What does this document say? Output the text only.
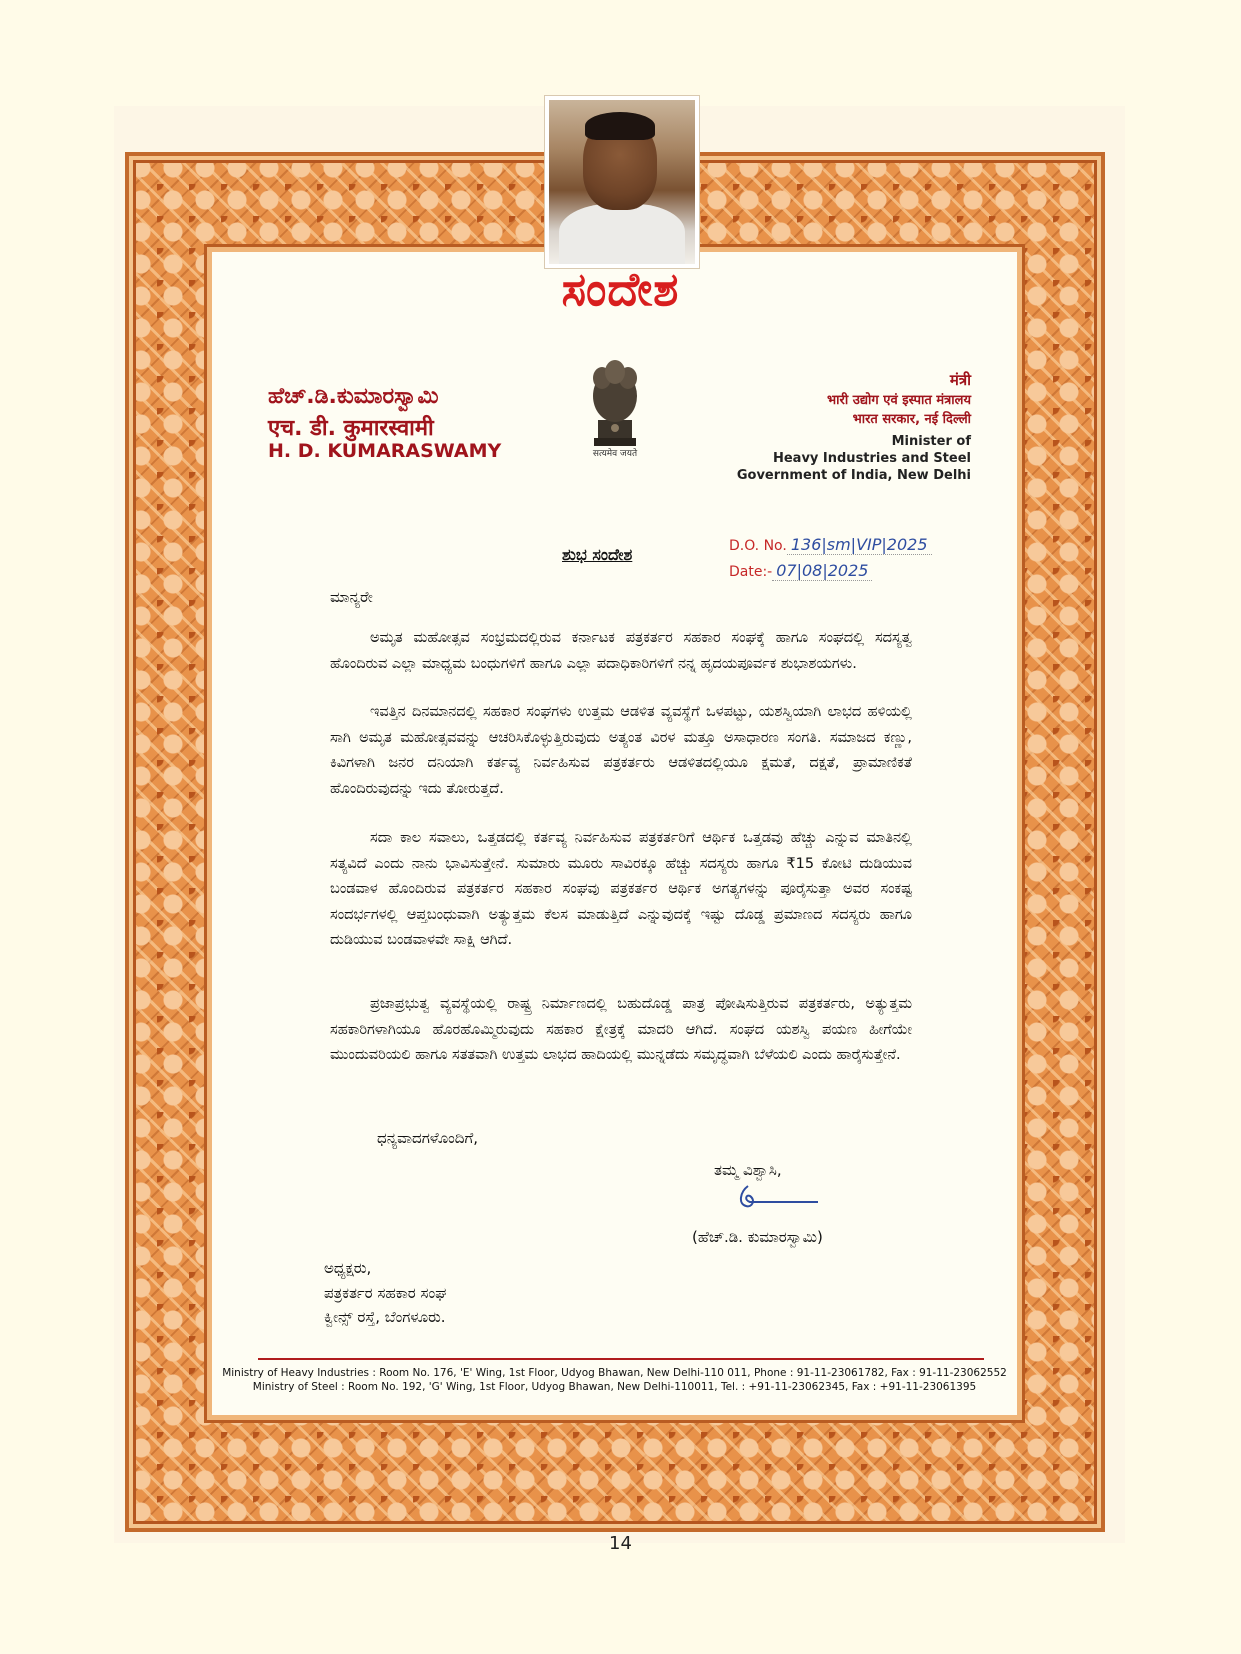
ಸಂದೇಶ
ಹೆಚ್.ಡಿ.ಕುಮಾರಸ್ವಾಮಿ
एच. डी. कुमारस्वामी
H. D. KUMARASWAMY	सत्यमेव जयते
मंत्री
भारी उद्योग एवं इस्पात मंत्रालय
भारत सरकार, नई दिल्ली
Minister of
Heavy Industries and Steel
Government of India, New Delhi
ಶುಭ ಸಂದೇಶ	D.O. No. 136|sm|VIP|2025
Date:- 07|08|2025
ಮಾನ್ಯರೇ

ಅಮೃತ ಮಹೋತ್ಸವ ಸಂಭ್ರಮದಲ್ಲಿರುವ ಕರ್ನಾಟಕ ಪತ್ರಕರ್ತರ ಸಹಕಾರ ಸಂಘಕ್ಕೆ ಹಾಗೂ ಸಂಘದಲ್ಲಿ ಸದಸ್ಯತ್ವ ಹೊಂದಿರುವ ಎಲ್ಲಾ ಮಾಧ್ಯಮ ಬಂಧುಗಳಿಗೆ ಹಾಗೂ ಎಲ್ಲಾ ಪದಾಧಿಕಾರಿಗಳಿಗೆ ನನ್ನ ಹೃದಯಪೂರ್ವಕ ಶುಭಾಶಯಗಳು.

ಇವತ್ತಿನ ದಿನಮಾನದಲ್ಲಿ ಸಹಕಾರ ಸಂಘಗಳು ಉತ್ತಮ ಆಡಳಿತ ವ್ಯವಸ್ಥೆಗೆ ಒಳಪಟ್ಟು, ಯಶಸ್ವಿಯಾಗಿ ಲಾಭದ ಹಳಿಯಲ್ಲಿ ಸಾಗಿ ಅಮೃತ ಮಹೋತ್ಸವವನ್ನು ಆಚರಿಸಿಕೊಳ್ಳುತ್ತಿರುವುದು ಅತ್ಯಂತ ವಿರಳ ಮತ್ತೂ ಅಸಾಧಾರಣ ಸಂಗತಿ. ಸಮಾಜದ ಕಣ್ಣು, ಕಿವಿಗಳಾಗಿ ಜನರ ದನಿಯಾಗಿ ಕರ್ತವ್ಯ ನಿರ್ವಹಿಸುವ ಪತ್ರಕರ್ತರು ಆಡಳಿತದಲ್ಲಿಯೂ ಕ್ಷಮತೆ, ದಕ್ಷತೆ, ಪ್ರಾಮಾಣಿಕತೆ ಹೊಂದಿರುವುದನ್ನು ಇದು ತೋರುತ್ತದೆ.

ಸದಾ ಕಾಲ ಸವಾಲು, ಒತ್ತಡದಲ್ಲಿ ಕರ್ತವ್ಯ ನಿರ್ವಹಿಸುವ ಪತ್ರಕರ್ತರಿಗೆ ಆರ್ಥಿಕ ಒತ್ತಡವು ಹೆಚ್ಚು ಎನ್ನುವ ಮಾತಿನಲ್ಲಿ ಸತ್ಯವಿದೆ ಎಂದು ನಾನು ಭಾವಿಸುತ್ತೇನೆ. ಸುಮಾರು ಮೂರು ಸಾವಿರಕ್ಕೂ ಹೆಚ್ಚು ಸದಸ್ಯರು ಹಾಗೂ ₹15 ಕೋಟಿ ದುಡಿಯುವ ಬಂಡವಾಳ ಹೊಂದಿರುವ ಪತ್ರಕರ್ತರ ಸಹಕಾರ ಸಂಘವು ಪತ್ರಕರ್ತರ ಆರ್ಥಿಕ ಅಗತ್ಯಗಳನ್ನು ಪೂರೈಸುತ್ತಾ ಅವರ ಸಂಕಷ್ಟ ಸಂದರ್ಭಗಳಲ್ಲಿ ಆಪ್ತಬಂಧುವಾಗಿ ಅತ್ಯುತ್ತಮ ಕೆಲಸ ಮಾಡುತ್ತಿದೆ ಎನ್ನುವುದಕ್ಕೆ ಇಷ್ಟು ದೊಡ್ಡ ಪ್ರಮಾಣದ ಸದಸ್ಯರು ಹಾಗೂ ದುಡಿಯುವ ಬಂಡವಾಳವೇ ಸಾಕ್ಷಿ ಆಗಿದೆ.

ಪ್ರಜಾಪ್ರಭುತ್ವ ವ್ಯವಸ್ಥೆಯಲ್ಲಿ ರಾಷ್ಟ್ರ ನಿರ್ಮಾಣದಲ್ಲಿ ಬಹುದೊಡ್ಡ ಪಾತ್ರ ಪೋಷಿಸುತ್ತಿರುವ ಪತ್ರಕರ್ತರು, ಅತ್ಯುತ್ತಮ ಸಹಕಾರಿಗಳಾಗಿಯೂ ಹೊರಹೊಮ್ಮಿರುವುದು ಸಹಕಾರ ಕ್ಷೇತ್ರಕ್ಕೆ ಮಾದರಿ ಆಗಿದೆ. ಸಂಘದ ಯಶಸ್ವಿ ಪಯಣ ಹೀಗೆಯೇ ಮುಂದುವರಿಯಲಿ ಹಾಗೂ ಸತತವಾಗಿ ಉತ್ತಮ ಲಾಭದ ಹಾದಿಯಲ್ಲಿ ಮುನ್ನಡೆದು ಸಮೃದ್ಧವಾಗಿ ಬೆಳೆಯಲಿ ಎಂದು ಹಾರೈಸುತ್ತೇನೆ.

ಧನ್ಯವಾದಗಳೊಂದಿಗೆ,
ತಮ್ಮ ವಿಶ್ವಾಸಿ,
(ಹೆಚ್.ಡಿ. ಕುಮಾರಸ್ವಾಮಿ)
ಅಧ್ಯಕ್ಷರು,
ಪತ್ರಕರ್ತರ ಸಹಕಾರ ಸಂಘ
ಕ್ವೀನ್ಸ್ ರಸ್ತೆ, ಬೆಂಗಳೂರು.
Ministry of Heavy Industries : Room No. 176, 'E' Wing, 1st Floor, Udyog Bhawan, New Delhi-110 011, Phone : 91-11-23061782, Fax : 91-11-23062552
Ministry of Steel : Room No. 192, 'G' Wing, 1st Floor, Udyog Bhawan, New Delhi-110011, Tel. : +91-11-23062345, Fax : +91-11-23061395
14
